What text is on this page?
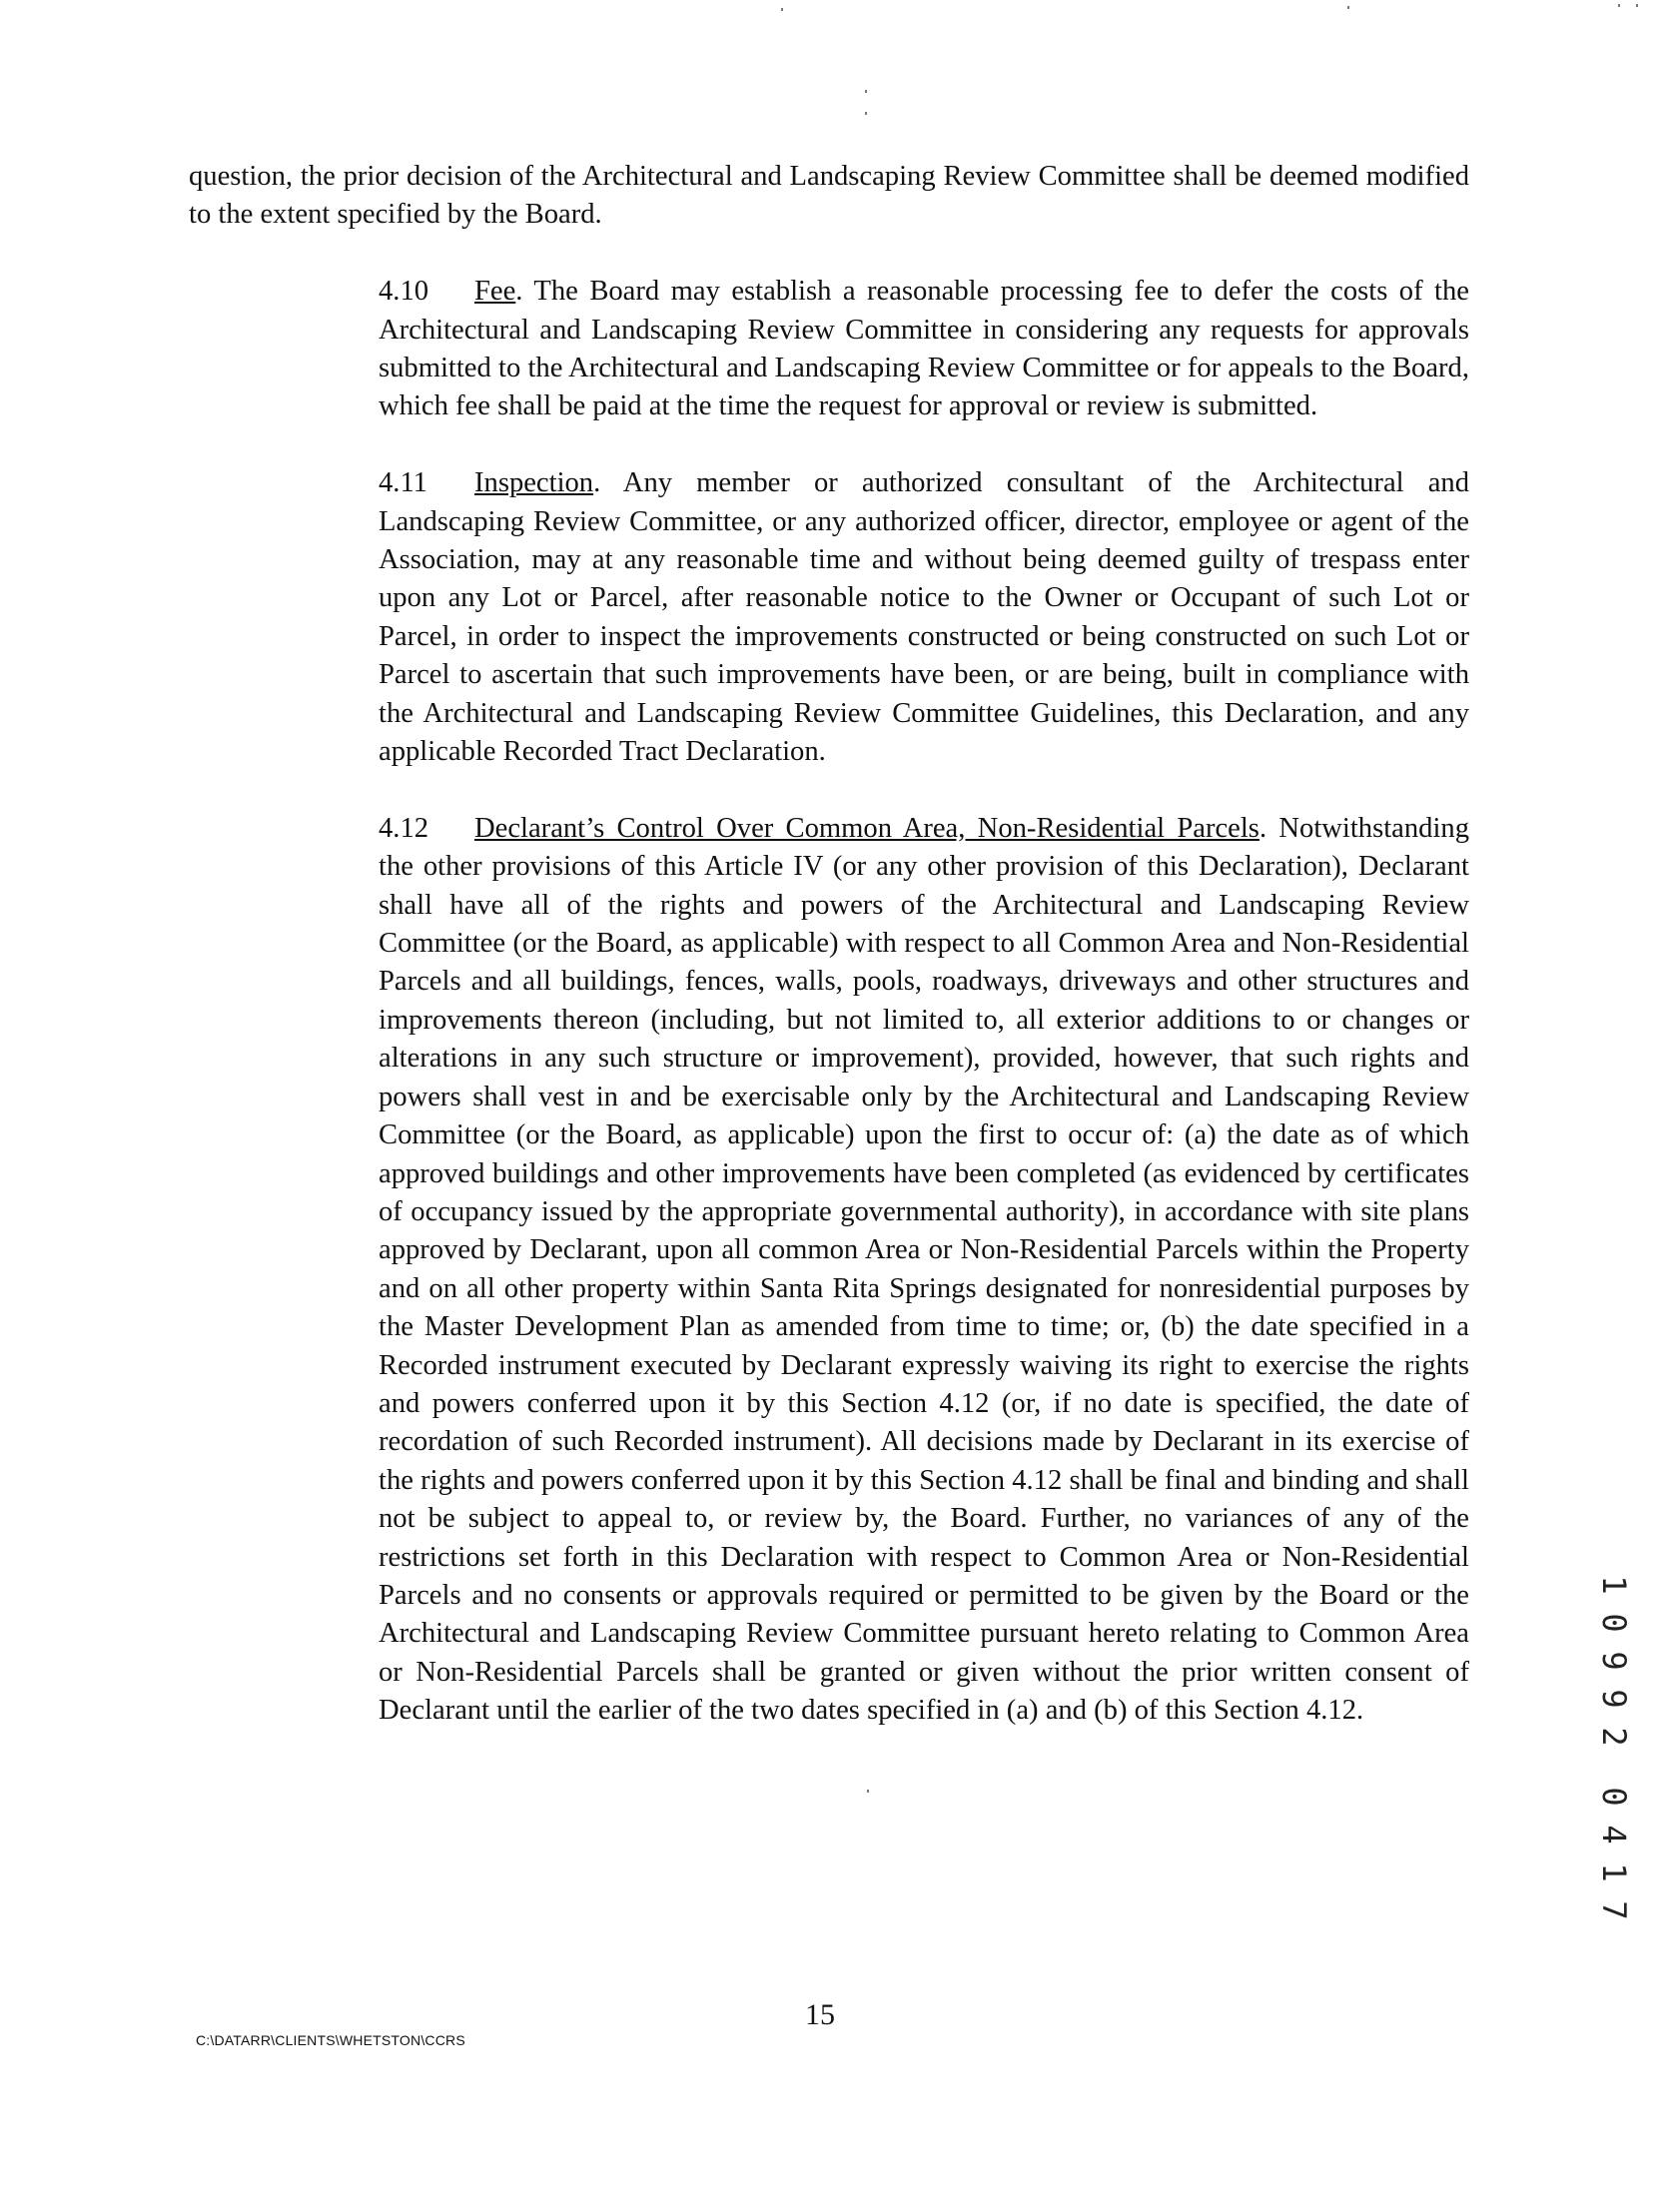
question, the prior decision of the Architectural and Landscaping Review Committee shall be deemed modified to the extent specified by the Board.

4.10 Fee. The Board may establish a reasonable processing fee to defer the costs of the Architectural and Landscaping Review Committee in considering any requests for approvals submitted to the Architectural and Landscaping Review Committee or for appeals to the Board, which fee shall be paid at the time the request for approval or review is submitted.

4.11 Inspection. Any member or authorized consultant of the Architectural and Landscaping Review Committee, or any authorized officer, director, employee or agent of the Association, may at any reasonable time and without being deemed guilty of trespass enter upon any Lot or Parcel, after reasonable notice to the Owner or Occupant of such Lot or Parcel, in order to inspect the improvements constructed or being constructed on such Lot or Parcel to ascertain that such improvements have been, or are being, built in compliance with the Architectural and Landscaping Review Committee Guidelines, this Declaration, and any applicable Recorded Tract Declaration.

4.12 Declarant’s Control Over Common Area, Non-Residential Parcels. Notwithstanding the other provisions of this Article IV (or any other provision of this Declaration), Declarant shall have all of the rights and powers of the Architectural and Landscaping Review Committee (or the Board, as applicable) with respect to all Common Area and Non-Residential Parcels and all buildings, fences, walls, pools, roadways, driveways and other structures and improvements thereon (including, but not limited to, all exterior additions to or changes or alterations in any such structure or improvement), provided, however, that such rights and powers shall vest in and be exercisable only by the Architectural and Landscaping Review Committee (or the Board, as applicable) upon the first to occur of: (a) the date as of which approved buildings and other improvements have been completed (as evidenced by certificates of occupancy issued by the appropriate governmental authority), in accordance with site plans approved by Declarant, upon all common Area or Non-Residential Parcels within the Property and on all other property within Santa Rita Springs designated for nonresidential purposes by the Master Development Plan as amended from time to time; or, (b) the date specified in a Recorded instrument executed by Declarant expressly waiving its right to exercise the rights and powers conferred upon it by this Section 4.12 (or, if no date is specified, the date of recordation of such Recorded instrument). All decisions made by Declarant in its exercise of the rights and powers conferred upon it by this Section 4.12 shall be final and binding and shall not be subject to appeal to, or review by, the Board. Further, no variances of any of the restrictions set forth in this Declaration with respect to Common Area or Non-Residential Parcels and no consents or approvals required or permitted to be given by the Board or the Architectural and Landscaping Review Committee pursuant hereto relating to Common Area or Non-Residential Parcels shall be granted or given without the prior written consent of Declarant until the earlier of the two dates specified in (a) and (b) of this Section 4.12.

1
0
9
9
2
0
4
1
7
C:\DATARR\CLIENTS\WHETSTON\CCRS
15
